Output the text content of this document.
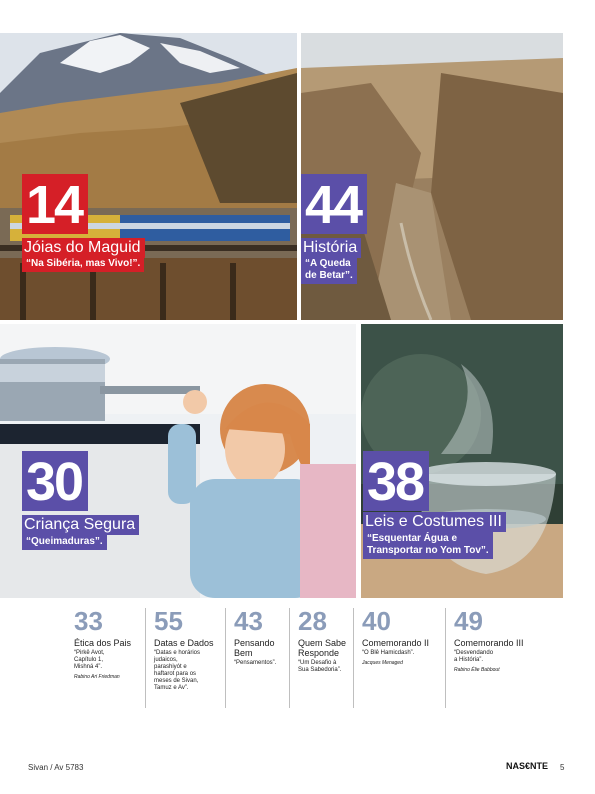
14
Jóias do Maguid
“Na Sibéria, mas Vivo!”.
44
História
“A Queda
de Betar”.
30
Criança Segura
“Queimaduras”.
38
Leis e Costumes III
“Esquentar Água e
Transportar no Yom Tov”.
33
Ética dos Pais
“Pirkê Avot,
Capítulo 1,
Mishná 4”.
Rabino Ari Friedman
55
Datas e Dados
“Datas e horários
judaicos,
parashiyót e
haftarot para os
meses de Sivan,
Tamuz e Av”.
43
Pensando
Bem
“Pensamentos”.
28
Quem Sabe
Responde
“Um Desafio à
Sua Sabedoria”.
40
Comemorando II
“O Blê Hamicdash”.
Jacques Menaged
49
Comemorando III
“Desvendando
a História”.
Rabino Élie Babbout
Sivan / Av 5783	NAS€NTE 5
